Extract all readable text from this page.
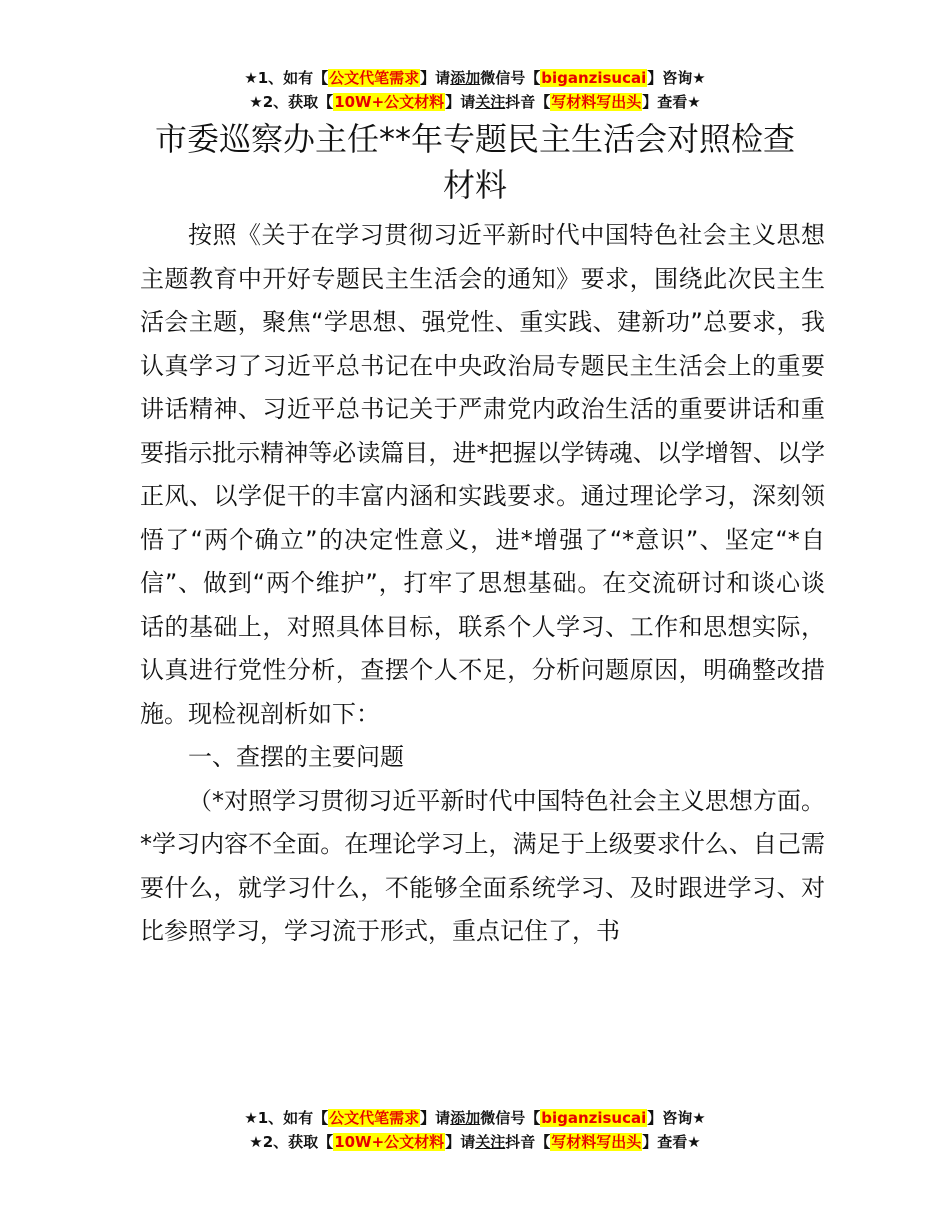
★1、如有【公文代笔需求】请添加微信号【biganzisucai】咨询★
★2、获取【10W+公文材料】请关注抖音【写材料写出头】查看★
市委巡察办主任**年专题民主生活会对照检查材料

按照《关于在学习贯彻习近平新时代中国特色社会主义思想主题教育中开好专题民主生活会的通知》要求，围绕此次民主生活会主题，聚焦“学思想、强党性、重实践、建新功”总要求，我认真学习了习近平总书记在中央政治局专题民主生活会上的重要讲话精神、习近平总书记关于严肃党内政治生活的重要讲话和重要指示批示精神等必读篇目，进*把握以学铸魂、以学增智、以学正风、以学促干的丰富内涵和实践要求。通过理论学习，深刻领悟了“两个确立”的决定性意义，进*增强了“*意识”、坚定“*自信”、做到“两个维护”，打牢了思想基础。在交流研讨和谈心谈话的基础上，对照具体目标，联系个人学习、工作和思想实际，认真进行党性分析，查摆个人不足，分析问题原因，明确整改措施。现检视剖析如下：

一、查摆的主要问题

（*对照学习贯彻习近平新时代中国特色社会主义思想方面。*学习内容不全面。在理论学习上，满足于上级要求什么、自己需要什么，就学习什么，不能够全面系统学习、及时跟进学习、对比参照学习，学习流于形式，重点记住了，书

★1、如有【公文代笔需求】请添加微信号【biganzisucai】咨询★
★2、获取【10W+公文材料】请关注抖音【写材料写出头】查看★
